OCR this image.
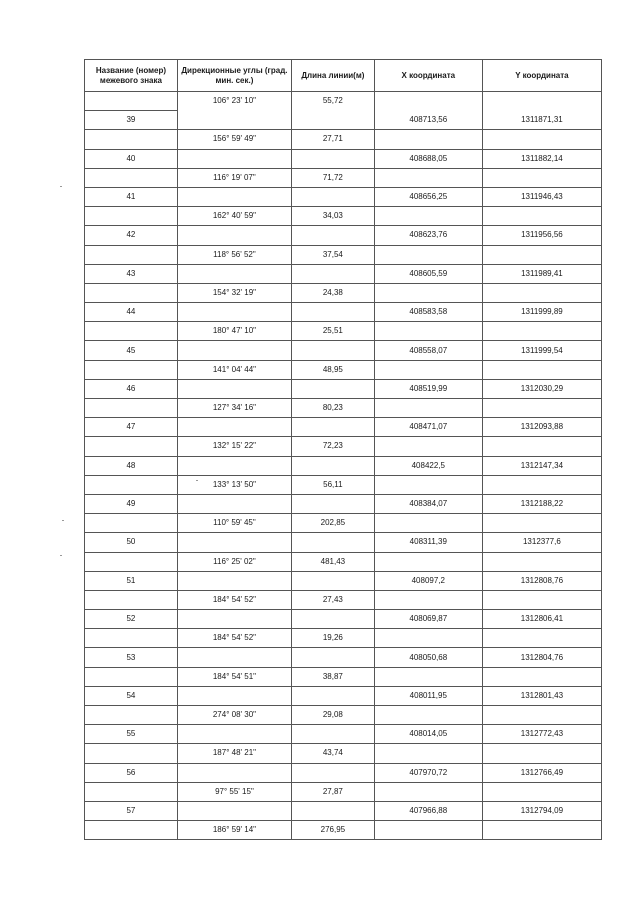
Название (номер) межевого знака	Дирекционные углы (град. мин. сек.)	Длина линии(м)	X координата	Y координата
	106° 23' 10"	55,72		
39			408713,56	1311871,31
	156° 59' 49"	27,71		
40			408688,05	1311882,14
	116° 19' 07"	71,72		
41			408656,25	1311946,43
	162° 40' 59"	34,03		
42			408623,76	1311956,56
	118° 56' 52"	37,54		
43			408605,59	1311989,41
	154° 32' 19"	24,38		
44			408583,58	1311999,89
	180° 47' 10"	25,51		
45			408558,07	1311999,54
	141° 04' 44"	48,95		
46			408519,99	1312030,29
	127° 34' 16"	80,23		
47			408471,07	1312093,88
	132° 15' 22"	72,23		
48			408422,5	1312147,34
	133° 13' 50"	56,11		
49			408384,07	1312188,22
	110° 59' 45"	202,85		
50			408311,39	1312377,6
	116° 25' 02"	481,43		
51			408097,2	1312808,76
	184° 54' 52"	27,43		
52			408069,87	1312806,41
	184° 54' 52"	19,26		
53			408050,68	1312804,76
	184° 54' 51"	38,87		
54			408011,95	1312801,43
	274° 08' 30"	29,08		
55			408014,05	1312772,43
	187° 48' 21"	43,74		
56			407970,72	1312766,49
	97° 55' 15"	27,87		
57			407966,88	1312794,09
	186° 59' 14"	276,95		
